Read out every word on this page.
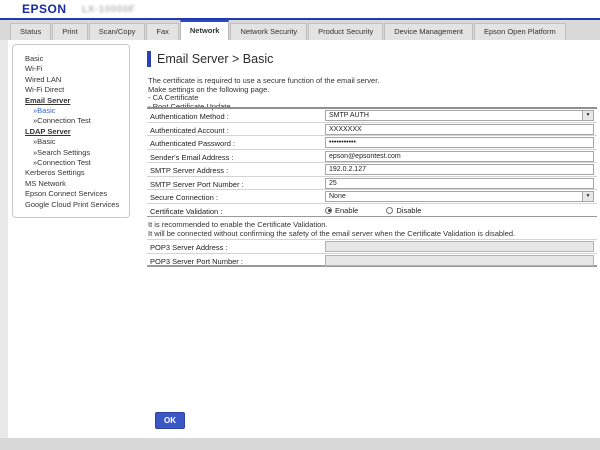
EPSON LX-10000F
Status	Print	Scan/Copy	Fax	Network	Network Security	Product Security	Device Management	Epson Open Platform
Basic
Wi-Fi
Wired LAN
Wi-Fi Direct
Email Server
»Basic
»Connection Test
LDAP Server
»Basic
»Search Settings
»Connection Test
Kerberos Settings
MS Network
Epson Connect Services
Google Cloud Print Services
Email Server > Basic
The certificate is required to use a secure function of the email server.
Make settings on the following page.
- CA Certificate
- Root Certificate Update
Authentication Method :	SMTP AUTH	▼
Authenticated Account :
XXXXXXX
Authenticated Password :
•••••••••••
Sender's Email Address :
epson@epsontest.com
SMTP Server Address :
192.0.2.127
SMTP Server Port Number :
25
Secure Connection :	None	▼
Certificate Validation :	Enable	Disable
It is recommended to enable the Certificate Validation.
It will be connected without confirming the safety of the email server when the Certificate Validation is disabled.
POP3 Server Address :
POP3 Server Port Number :
OK
